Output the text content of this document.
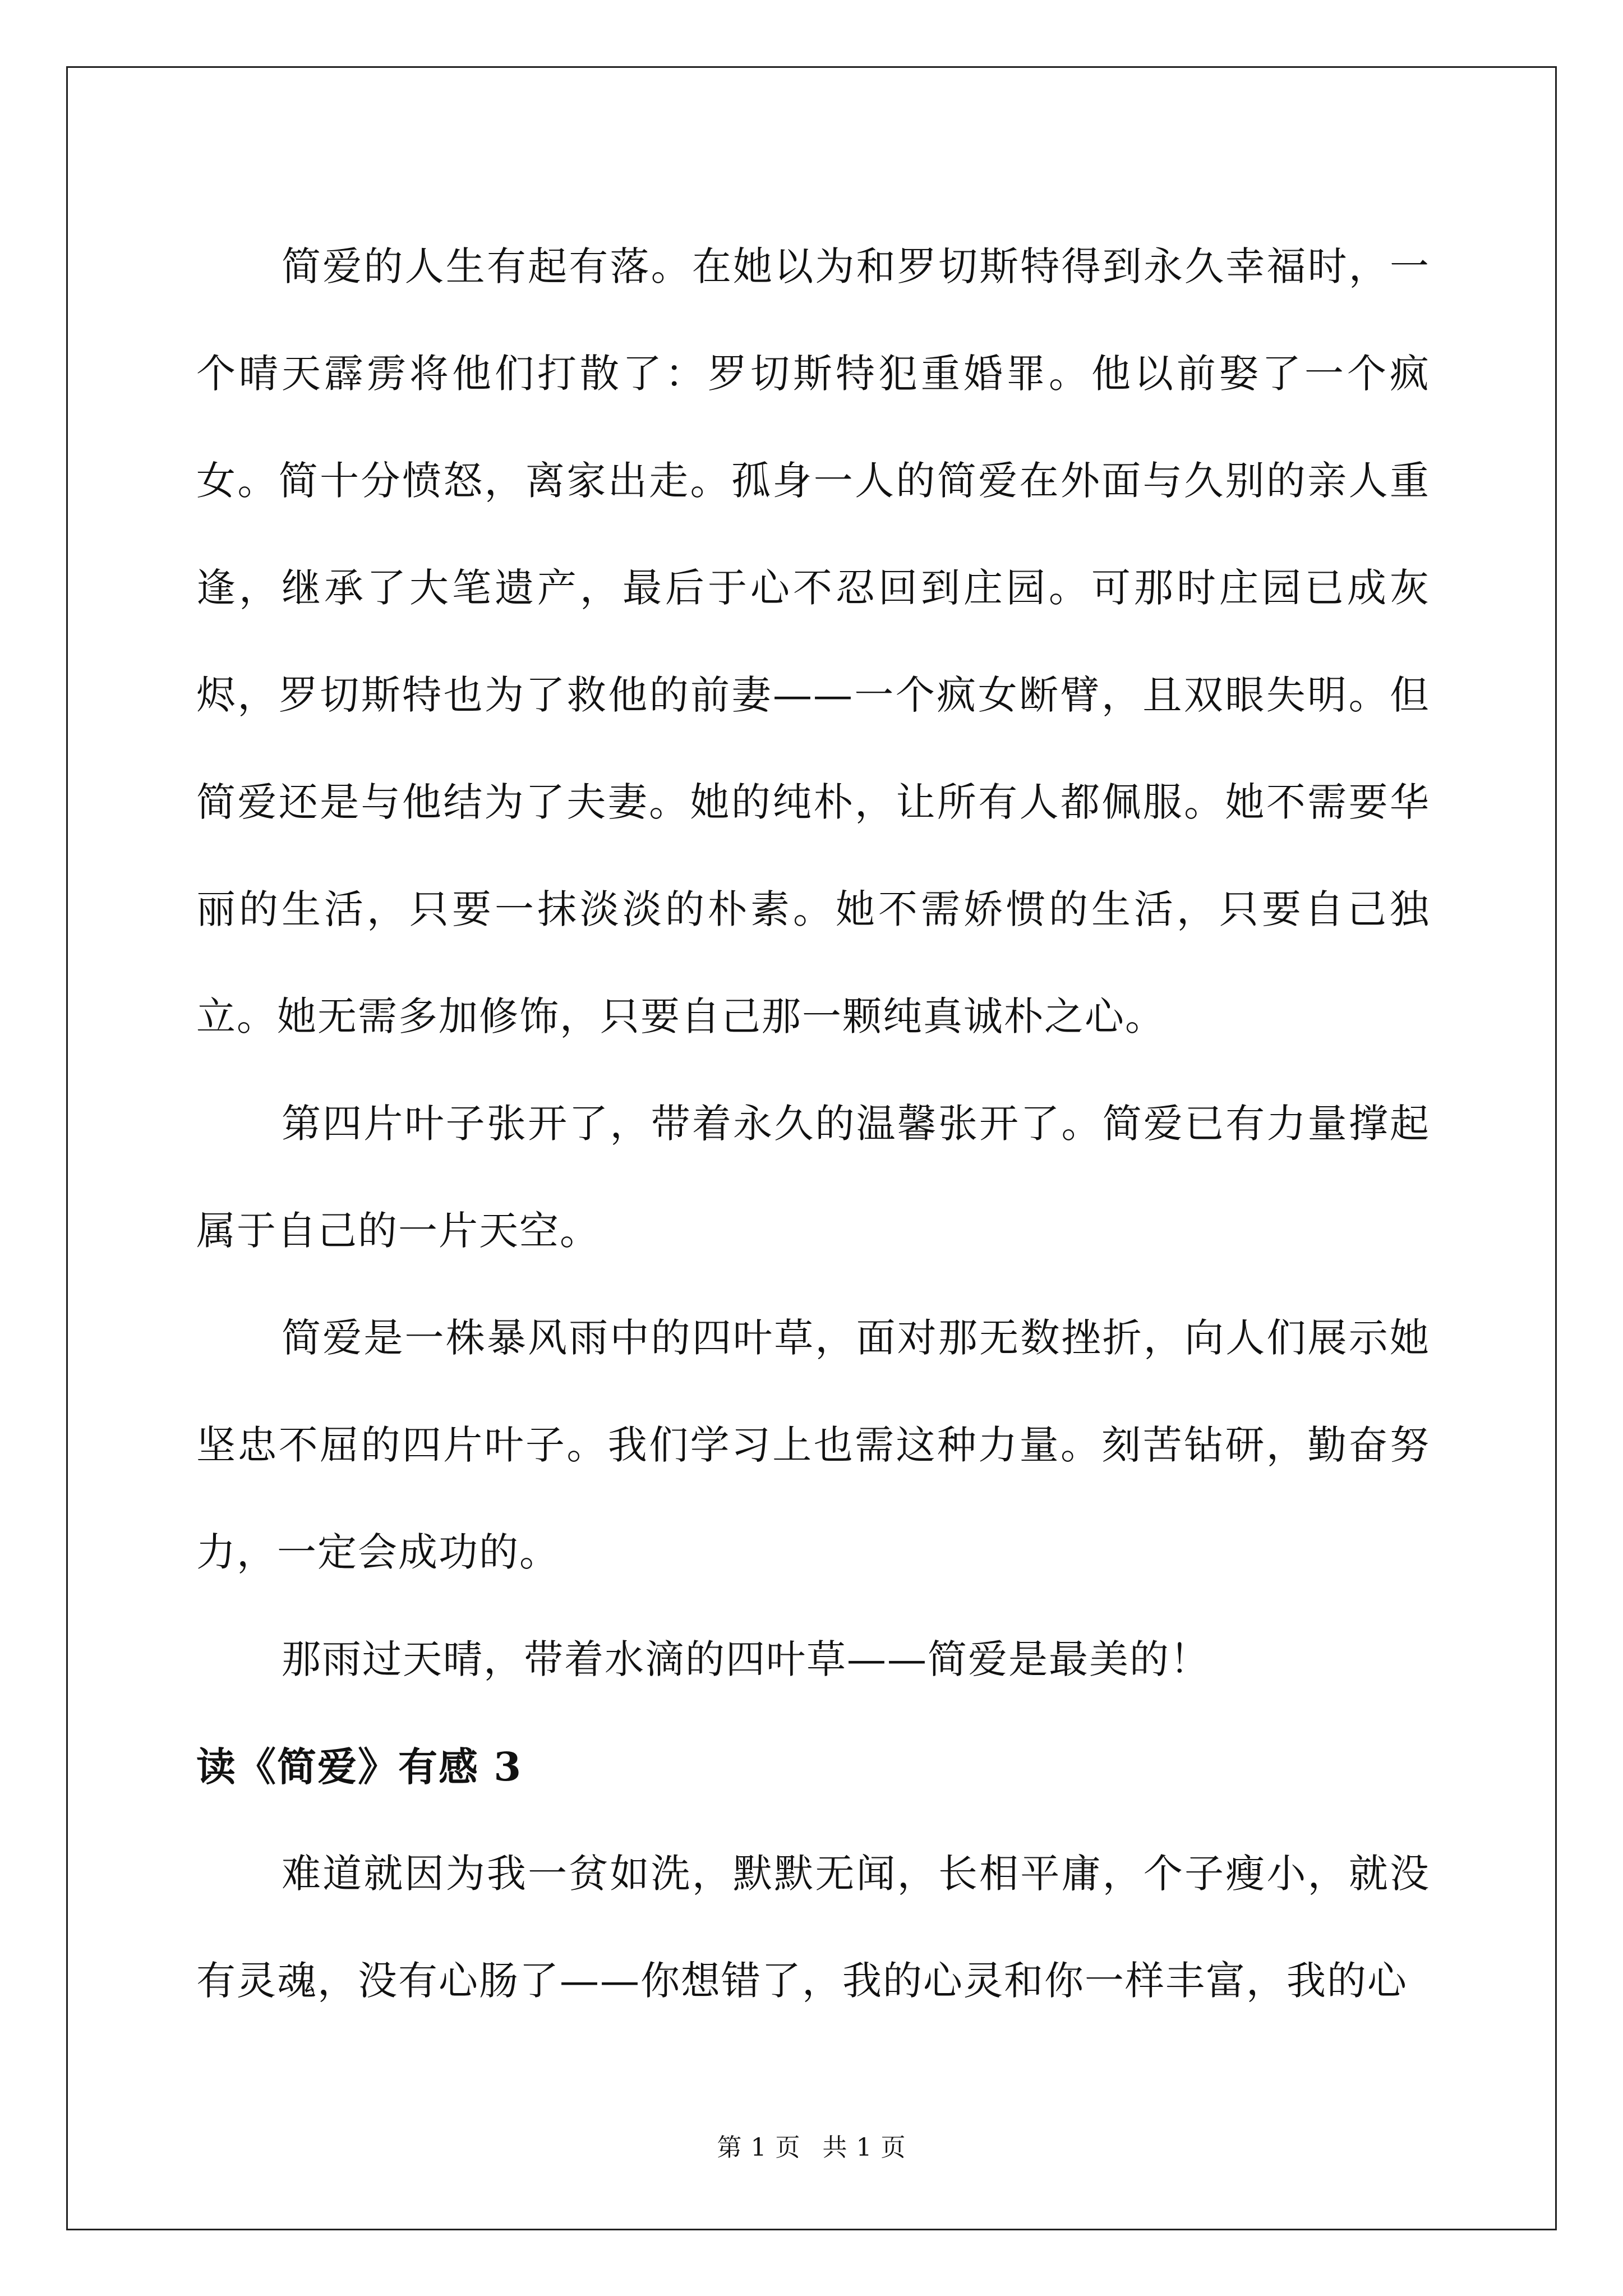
简爱的人生有起有落。在她以为和罗切斯特得到永久幸福时，一个晴天霹雳将他们打散了：罗切斯特犯重婚罪。他以前娶了一个疯女。简十分愤怒，离家出走。孤身一人的简爱在外面与久别的亲人重逢，继承了大笔遗产，最后于心不忍回到庄园。可那时庄园已成灰烬，罗切斯特也为了救他的前妻——一个疯女断臂，且双眼失明。但简爱还是与他结为了夫妻。她的纯朴，让所有人都佩服。她不需要华丽的生活，只要一抹淡淡的朴素。她不需娇惯的生活，只要自己独立。她无需多加修饰，只要自己那一颗纯真诚朴之心。

第四片叶子张开了，带着永久的温馨张开了。简爱已有力量撑起属于自己的一片天空。

简爱是一株暴风雨中的四叶草，面对那无数挫折，向人们展示她坚忠不屈的四片叶子。我们学习上也需这种力量。刻苦钻研，勤奋努力，一定会成功的。

那雨过天晴，带着水滴的四叶草——简爱是最美的！

读《简爱》有感 3

难道就因为我一贫如洗，默默无闻，长相平庸，个子瘦小，就没有灵魂，没有心肠了——你想错了，我的心灵和你一样丰富，我的心

第 1 页 共 1 页
